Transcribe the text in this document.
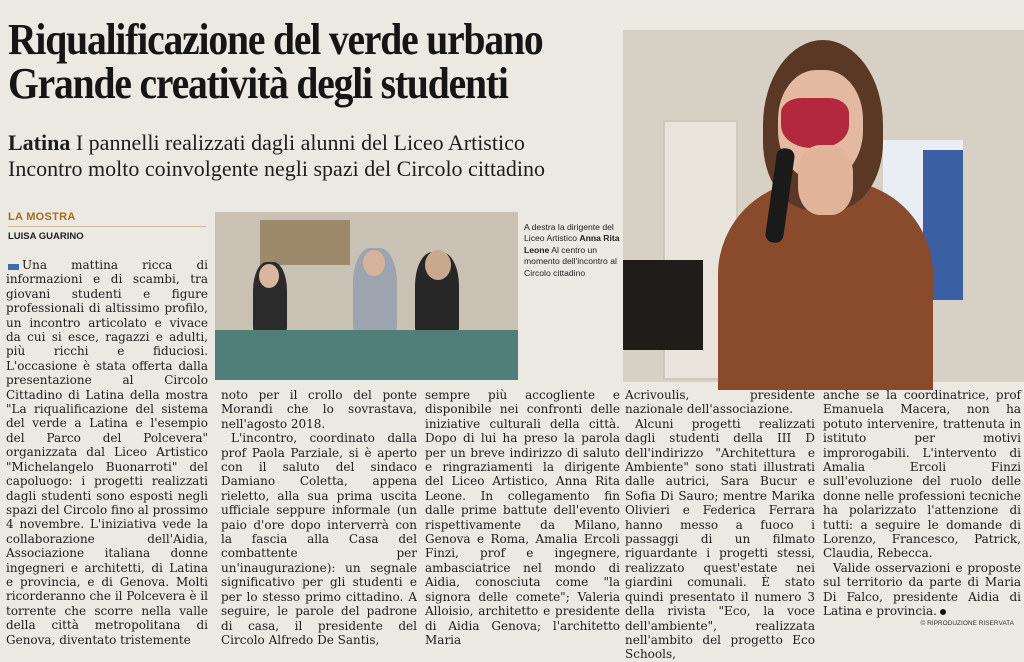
Riqualificazione del verde urbano
Grande creatività degli studenti
Latina I pannelli realizzati dagli alunni del Liceo Artistico
Incontro molto coinvolgente negli spazi del Circolo cittadino
LA MOSTRA
LUISA GUARINO
A destra la dirigente del Liceo Artistico Anna Rita Leone Al centro un momento dell'incontro al Circolo cittadino

Una mattina ricca di informazioni e di scambi, tra giovani studenti e figure professionali di altissimo profilo, un incontro articolato e vivace da cui si esce, ragazzi e adulti, più ricchi e fiduciosi. L'occasione è stata offerta dalla presentazione al Circolo Cittadino di Latina della mostra "La riqualificazione del sistema del verde a Latina e l'esempio del Parco del Polcevera" organizzata dal Liceo Artistico "Michelangelo Buonarroti" del capoluogo: i progetti realizzati dagli studenti sono esposti negli spazi del Circolo fino al prossimo 4 novembre. L'iniziativa vede la collaborazione dell'Aidia, Associazione italiana donne ingegneri e architetti, di Latina e provincia, e di Genova. Molti ricorderanno che il Polcevera è il torrente che scorre nella valle della città metropolitana di Genova, diventato tristemente

noto per il crollo del ponte Morandi che lo sovrastava, nell'agosto 2018.

L'incontro, coordinato dalla prof Paola Parziale, si è aperto con il saluto del sindaco Damiano Coletta, appena rieletto, alla sua prima uscita ufficiale seppure informale (un paio d'ore dopo interverrà con la fascia alla Casa del combattente per un'inaugurazione): un segnale significativo per gli studenti e per lo stesso primo cittadino. A seguire, le parole del padrone di casa, il presidente del Circolo Alfredo De Santis,

sempre più accogliente e disponibile nei confronti delle iniziative culturali della città. Dopo di lui ha preso la parola per un breve indirizzo di saluto e ringraziamenti la dirigente del Liceo Artistico, Anna Rita Leone. In collegamento fin dalle prime battute dell'evento rispettivamente da Milano, Genova e Roma, Amalia Ercoli Finzi, prof e ingegnere, ambasciatrice nel mondo di Aidia, conosciuta come "la signora delle comete"; Valeria Alloisio, architetto e presidente di Aidia Genova; l'architetto Maria

Acrivoulis, presidente nazionale dell'associazione.

Alcuni progetti realizzati dagli studenti della III D dell'indirizzo "Architettura e Ambiente" sono stati illustrati dalle autrici, Sara Bucur e Sofia Di Sauro; mentre Marika Olivieri e Federica Ferrara hanno messo a fuoco i passaggi di un filmato riguardante i progetti stessi, realizzato quest'estate nei giardini comunali. È stato quindi presentato il numero 3 della rivista "Eco, la voce dell'ambiente", realizzata nell'ambito del progetto Eco Schools,

anche se la coordinatrice, prof Emanuela Macera, non ha potuto intervenire, trattenuta in istituto per motivi improrogabili. L'intervento di Amalia Ercoli Finzi sull'evoluzione del ruolo delle donne nelle professioni tecniche ha polarizzato l'attenzione di tutti: a seguire le domande di Lorenzo, Francesco, Patrick, Claudia, Rebecca.

Valide osservazioni e proposte sul territorio da parte di Maria Di Falco, presidente Aidia di Latina e provincia.

© RIPRODUZIONE RISERVATA
